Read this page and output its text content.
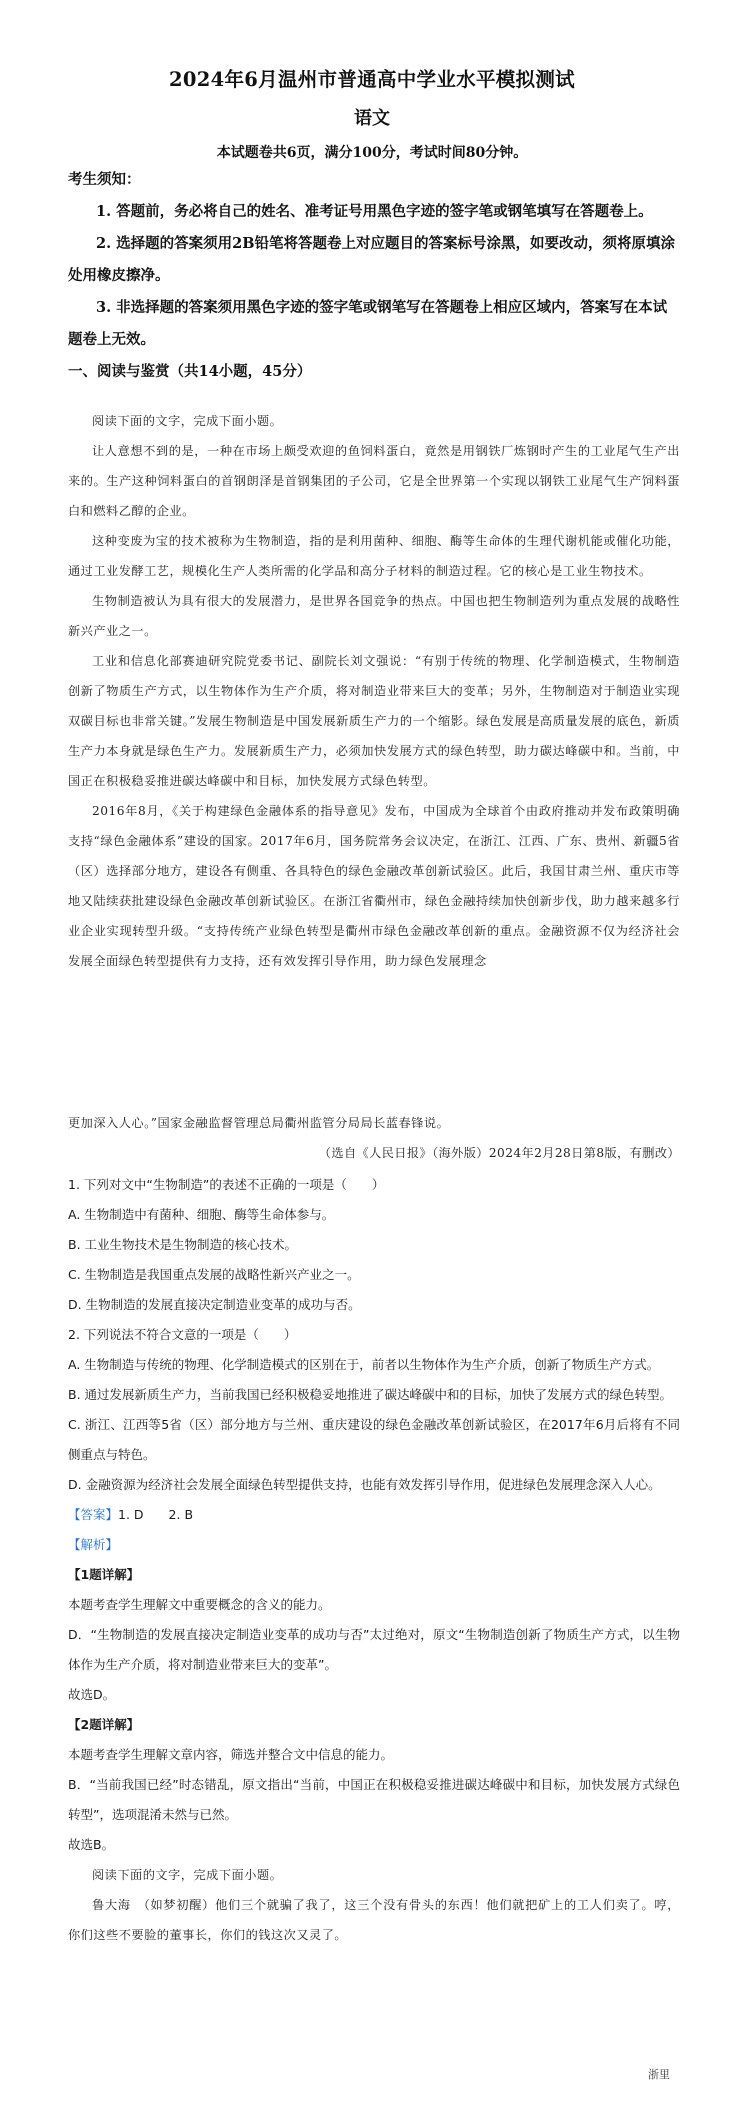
2024年6月温州市普通高中学业水平模拟测试
语文
本试题卷共6页，满分100分，考试时间80分钟。
考生须知：

1. 答题前，务必将自己的姓名、准考证号用黑色字迹的签字笔或钢笔填写在答题卷上。

2. 选择题的答案须用2B铅笔将答题卷上对应题目的答案标号涂黑，如要改动，须将原填涂处用橡皮擦净。

3. 非选择题的答案须用黑色字迹的签字笔或钢笔写在答题卷上相应区域内，答案写在本试题卷上无效。

一、阅读与鉴赏（共14小题，45分）

阅读下面的文字，完成下面小题。

让人意想不到的是，一种在市场上颇受欢迎的鱼饲料蛋白，竟然是用钢铁厂炼钢时产生的工业尾气生产出来的。生产这种饲料蛋白的首钢朗泽是首钢集团的子公司，它是全世界第一个实现以钢铁工业尾气生产饲料蛋白和燃料乙醇的企业。

这种变废为宝的技术被称为生物制造，指的是利用菌种、细胞、酶等生命体的生理代谢机能或催化功能，通过工业发酵工艺，规模化生产人类所需的化学品和高分子材料的制造过程。它的核心是工业生物技术。

生物制造被认为具有很大的发展潜力，是世界各国竞争的热点。中国也把生物制造列为重点发展的战略性新兴产业之一。

工业和信息化部赛迪研究院党委书记、副院长刘文强说：“有别于传统的物理、化学制造模式，生物制造创新了物质生产方式，以生物体作为生产介质，将对制造业带来巨大的变革；另外，生物制造对于制造业实现双碳目标也非常关键。”发展生物制造是中国发展新质生产力的一个缩影。绿色发展是高质量发展的底色，新质生产力本身就是绿色生产力。发展新质生产力，必须加快发展方式的绿色转型，助力碳达峰碳中和。当前，中国正在积极稳妥推进碳达峰碳中和目标，加快发展方式绿色转型。

2016年8月，《关于构建绿色金融体系的指导意见》发布，中国成为全球首个由政府推动并发布政策明确支持“绿色金融体系”建设的国家。2017年6月，国务院常务会议决定，在浙江、江西、广东、贵州、新疆5省（区）选择部分地方，建设各有侧重、各具特色的绿色金融改革创新试验区。此后，我国甘肃兰州、重庆市等地又陆续获批建设绿色金融改革创新试验区。在浙江省衢州市，绿色金融持续加快创新步伐，助力越来越多行业企业实现转型升级。“支持传统产业绿色转型是衢州市绿色金融改革创新的重点。金融资源不仅为经济社会发展全面绿色转型提供有力支持，还有效发挥引导作用，助力绿色发展理念

更加深入人心。”国家金融监督管理总局衢州监管分局局长蓝春锋说。

（选自《人民日报》（海外版）2024年2月28日第8版，有删改）

1. 下列对文中“生物制造”的表述不正确的一项是（　　）

A. 生物制造中有菌种、细胞、酶等生命体参与。

B. 工业生物技术是生物制造的核心技术。

C. 生物制造是我国重点发展的战略性新兴产业之一。

D. 生物制造的发展直接决定制造业变革的成功与否。

2. 下列说法不符合文意的一项是（　　）

A. 生物制造与传统的物理、化学制造模式的区别在于，前者以生物体作为生产介质，创新了物质生产方式。

B. 通过发展新质生产力，当前我国已经积极稳妥地推进了碳达峰碳中和的目标，加快了发展方式的绿色转型。

C. 浙江、江西等5省（区）部分地方与兰州、重庆建设的绿色金融改革创新试验区，在2017年6月后将有不同侧重点与特色。

D. 金融资源为经济社会发展全面绿色转型提供支持，也能有效发挥引导作用，促进绿色发展理念深入人心。

【答案】1. D　　2. B
【解析】
【1题详解】

本题考查学生理解文中重要概念的含义的能力。

D．“生物制造的发展直接决定制造业变革的成功与否”太过绝对，原文“生物制造创新了物质生产方式，以生物体作为生产介质，将对制造业带来巨大的变革”。

故选D。

【2题详解】

本题考查学生理解文章内容，筛选并整合文中信息的能力。

B．“当前我国已经”时态错乱，原文指出“当前，中国正在积极稳妥推进碳达峰碳中和目标，加快发展方式绿色转型”，选项混淆未然与已然。

故选B。

阅读下面的文字，完成下面小题。

鲁大海　（如梦初醒）他们三个就骗了我了，这三个没有骨头的东西！他们就把矿上的工人们卖了。哼，你们这些不要脸的董事长，你们的钱这次又灵了。

浙里
